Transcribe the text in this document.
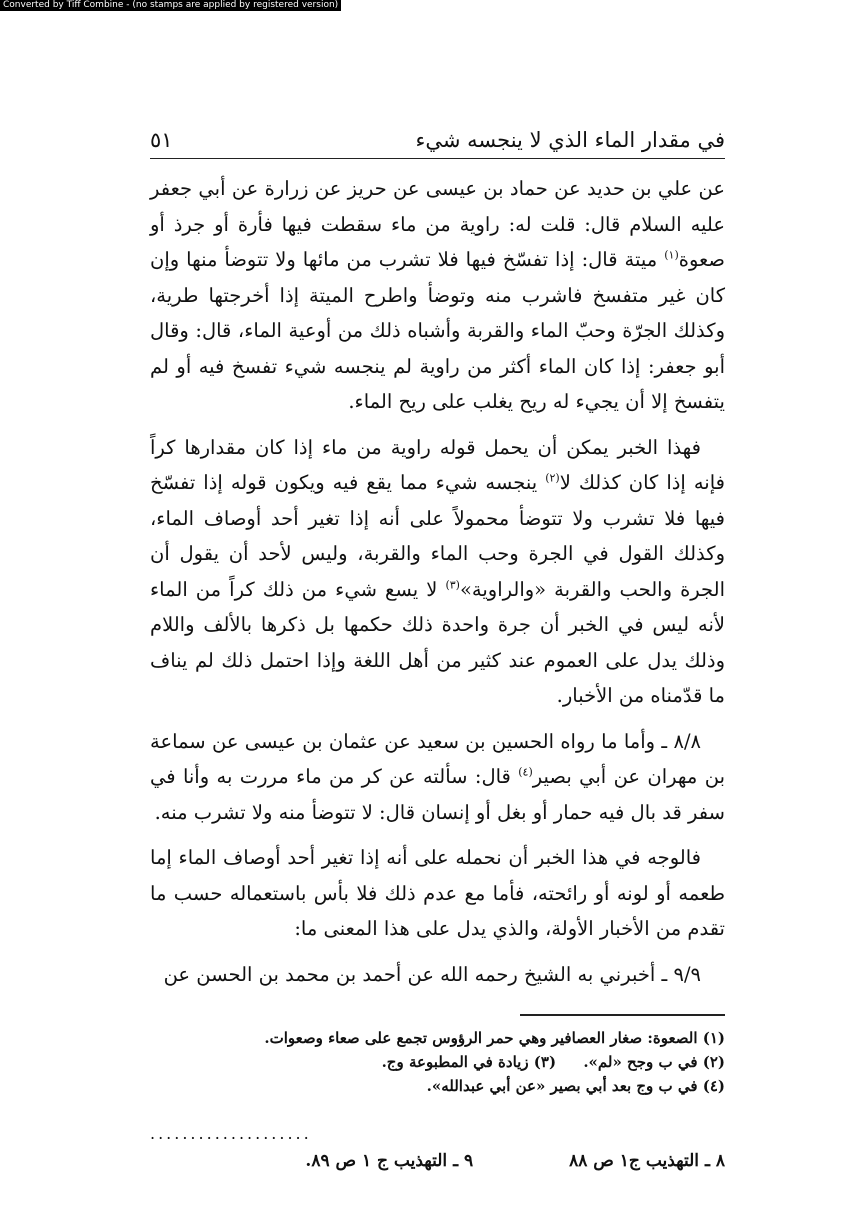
Converted by Tiff Combine - (no stamps are applied by registered version)
في مقدار الماء الذي لا ينجسه شيء
٥١

عن علي بن حديد عن حماد بن عيسى عن حريز عن زرارة عن أبي جعفر عليه السلام قال: قلت له: راوية من ماء سقطت فيها فأرة أو جرذ أو صعوة$^{(١)}$ ميتة قال: إذا تفسّخ فيها فلا تشرب من مائها ولا تتوضأ منها وإن كان غير متفسخ فاشرب منه وتوضأ واطرح الميتة إذا أخرجتها طرية، وكذلك الجرّة وحبّ الماء والقربة وأشباه ذلك من أوعية الماء، قال: وقال أبو جعفر: إذا كان الماء أكثر من راوية لم ينجسه شيء تفسخ فيه أو لم يتفسخ إلا أن يجيء له ريح يغلب على ريح الماء.

فهذا الخبر يمكن أن يحمل قوله راوية من ماء إذا كان مقدارها كراً فإنه إذا كان كذلك لا$^{(٢)}$ ينجسه شيء مما يقع فيه ويكون قوله إذا تفسّخ فيها فلا تشرب ولا تتوضأ محمولاً على أنه إذا تغير أحد أوصاف الماء، وكذلك القول في الجرة وحب الماء والقربة، وليس لأحد أن يقول أن الجرة والحب والقربة «والراوية»$^{(٣)}$ لا يسع شيء من ذلك كراً من الماء لأنه ليس في الخبر أن جرة واحدة ذلك حكمها بل ذكرها بالألف واللام وذلك يدل على العموم عند كثير من أهل اللغة وإذا احتمل ذلك لم يناف ما قدّمناه من الأخبار.

٨/٨ ـ وأما ما رواه الحسين بن سعيد عن عثمان بن عيسى عن سماعة بن مهران عن أبي بصير$^{(٤)}$ قال: سألته عن كر من ماء مررت به وأنا في سفر قد بال فيه حمار أو بغل أو إنسان قال: لا تتوضأ منه ولا تشرب منه.

فالوجه في هذا الخبر أن نحمله على أنه إذا تغير أحد أوصاف الماء إما طعمه أو لونه أو رائحته، فأما مع عدم ذلك فلا بأس باستعماله حسب ما تقدم من الأخبار الأولة، والذي يدل على هذا المعنى ما:

٩/٩ ـ أخبرني به الشيخ رحمه الله عن أحمد بن محمد بن الحسن عن

(١) الصعوة: صغار العصافير وهي حمر الرؤوس تجمع على صعاء وصعوات.

(٢) في ب وجح «لم». (٣) زيادة في المطبوعة وج.

(٤) في ب وج بعد أبي بصير «عن أبي عبدالله».

....................
٨ ـ التهذيب ج١ ص ٨٨
٩ ـ التهذيب ج ١ ص ٨٩.
